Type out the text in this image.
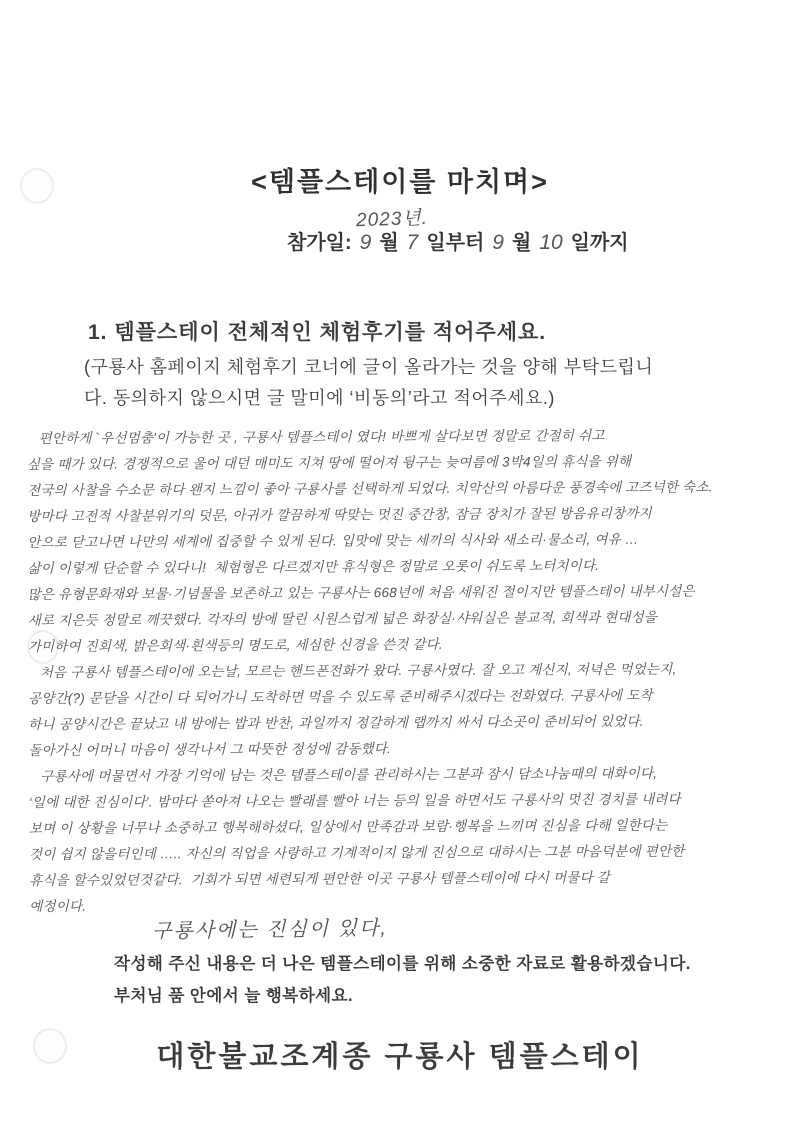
<템플스테이를 마치며>
2023년.
참가일: 9 월 7 일부터 9 월 10 일까지
1. 템플스테이 전체적인 체험후기를 적어주세요.
(구룡사 홈페이지 체험후기 코너에 글이 올라가는 것을 양해 부탁드립니
다. 동의하지 않으시면 글 말미에 ‘비동의’라고 적어주세요.)
편안하게 `우선멈춤'이 가능한 곳 , 구룡사 템플스테이 였다! 바쁘게 살다보면 정말로 간절히 쉬고
싶을 때가 있다. 경쟁적으로 울어 대던 매미도 지쳐 땅에 떨어져 뒹구는 늦여름에 3박4일의 휴식을 위해
전국의 사찰을 수소문 하다 왠지 느낌이 좋아 구룡사를 선택하게 되었다. 치악산의 아름다운 풍경속에 고즈넉한 숙소.
방마다 고전적 사찰분위기의 덧문, 아귀가 깔끔하게 딱맞는 멋진 중간창, 잠금 장치가 잘된 방음유리창까지
안으로 닫고나면 나만의 세계에 집중할 수 있게 된다. 입맛에 맞는 세끼의 식사와 새소리·물소리, 여유 …
삶이 이렇게 단순할 수 있다니!  체험형은 다르겠지만 휴식형은 정말로 오롯이 쉬도록 노터치이다.
많은 유형문화재와 보물·기념물을 보존하고 있는 구룡사는 668년에 처음 세워진 절이지만 템플스테이 내부시설은
새로 지은듯 정말로 깨끗했다. 각자의 방에 딸린 시원스럽게 넓은 화장실·샤워실은 불교적, 회색과 현대성을
가미하여 진회색, 밝은회색·흰색등의 명도로, 세심한 신경을 쓴것 같다.
처음 구룡사 템플스테이에 오는날, 모르는 핸드폰전화가 왔다. 구룡사였다. 잘 오고 계신지, 저녁은 먹었는지,
공양간(?) 문닫을 시간이 다 되어가니 도착하면 먹을 수 있도록 준비해주시겠다는 전화였다. 구룡사에 도착
하니 공양시간은 끝났고 내 방에는 밥과 반찬, 과일까지 정갈하게 랩까지 싸서 다소곳이 준비되어 있었다.
돌아가신 어머니 마음이 생각나서 그 따뜻한 정성에 감동했다.
구룡사에 머물면서 가장 기억에 남는 것은 템플스테이를 관리하시는 그분과 잠시 담소나눔때의 대화이다,
‘일에 대한 진심이다’. 밤마다 쏟아져 나오는 빨래를 빨아 너는 등의 일을 하면서도 구룡사의 멋진 경치를 내려다
보며 이 상황을 너무나 소중하고 행복해하셨다, 일상에서 만족감과 보람·행복을 느끼며 진심을 다해 일한다는
것이 쉽지 않을터인데 ….. 자신의 직업을 사랑하고 기계적이지 않게 진심으로 대하시는 그분 마음덕분에 편안한
휴식을 할수있었던것같다.  기회가 되면 세련되게 편안한 이곳 구룡사 템플스테이에 다시 머물다 갈
예정이다.
구룡사에는 진심이 있다,
작성해 주신 내용은 더 나은 템플스테이를 위해 소중한 자료로 활용하겠습니다.
부처님 품 안에서 늘 행복하세요.
대한불교조계종 구룡사 템플스테이
